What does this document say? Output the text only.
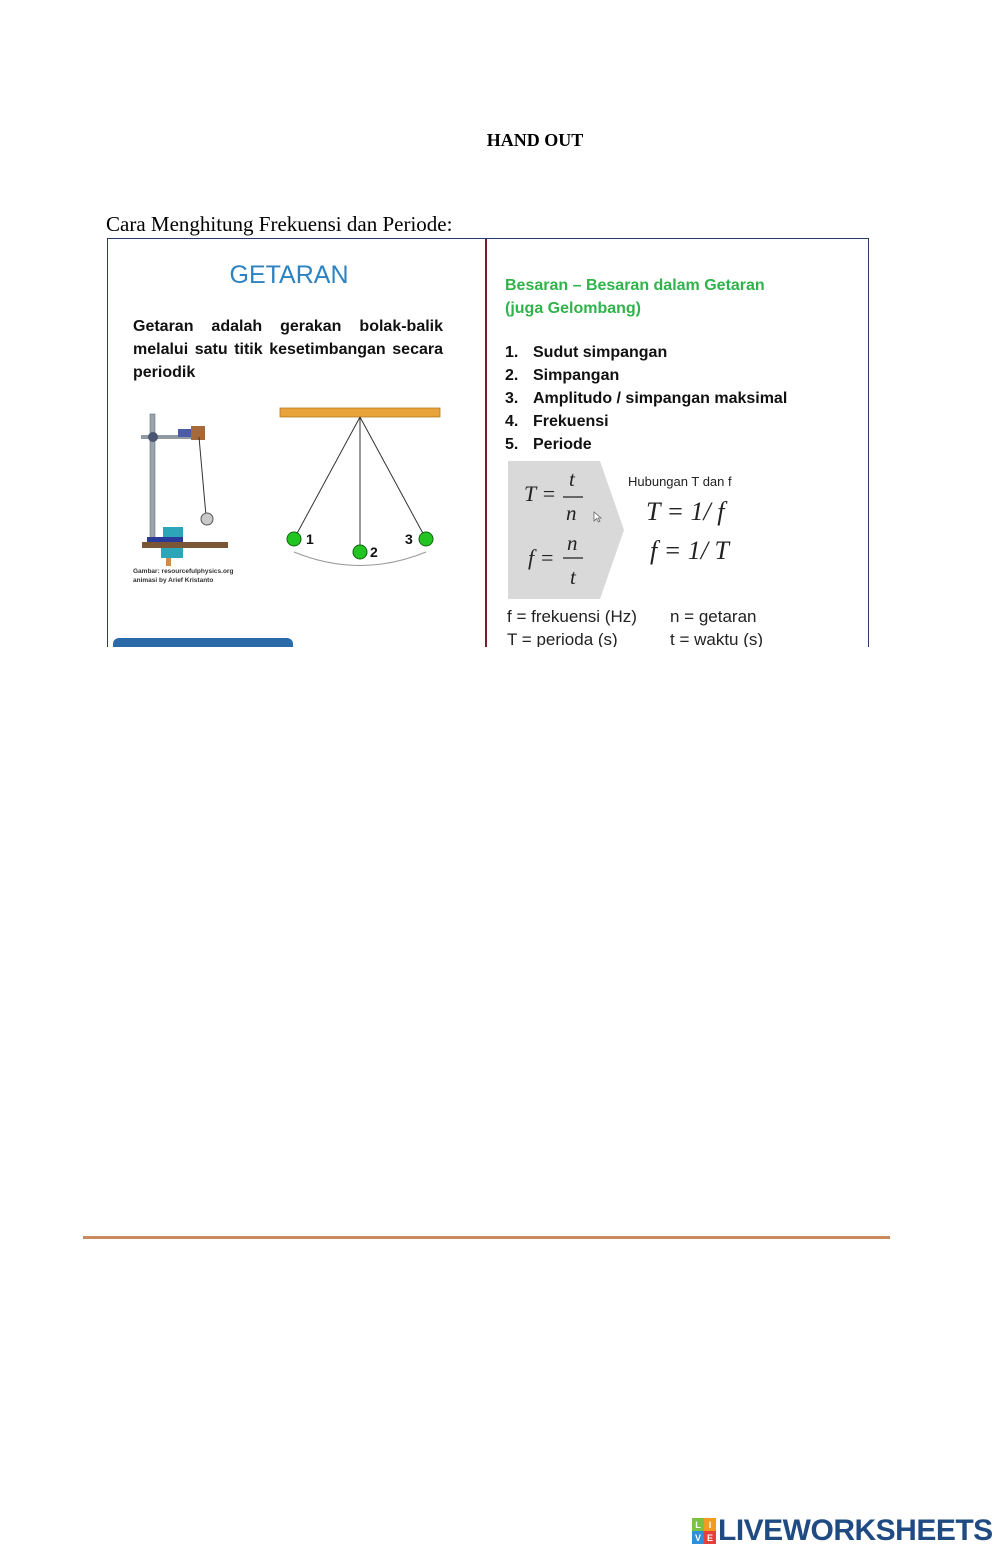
HAND OUT
Cara Menghitung Frekuensi dan Periode:
GETARAN
Getaran adalah gerakan bolak-balik melalui satu titik kesetimbangan secara periodik
Gambar: resourcefulphysics.org
animasi by Arief Kristanto
1
2
3
Besaran – Besaran dalam Getaran (juga Gelombang)
1. Sudut simpangan
2. Simpangan
3. Amplitudo / simpangan maksimal
4. Frekuensi
5. Periode
T =
t
n
f =
n
t
Hubungan T dan f
T = 1/ f
f = 1/ T
f = frekuensi (Hz) n = getaran
T = perioda (s)	t = waktu (s)
L I
V E LIVEWORKSHEETS
